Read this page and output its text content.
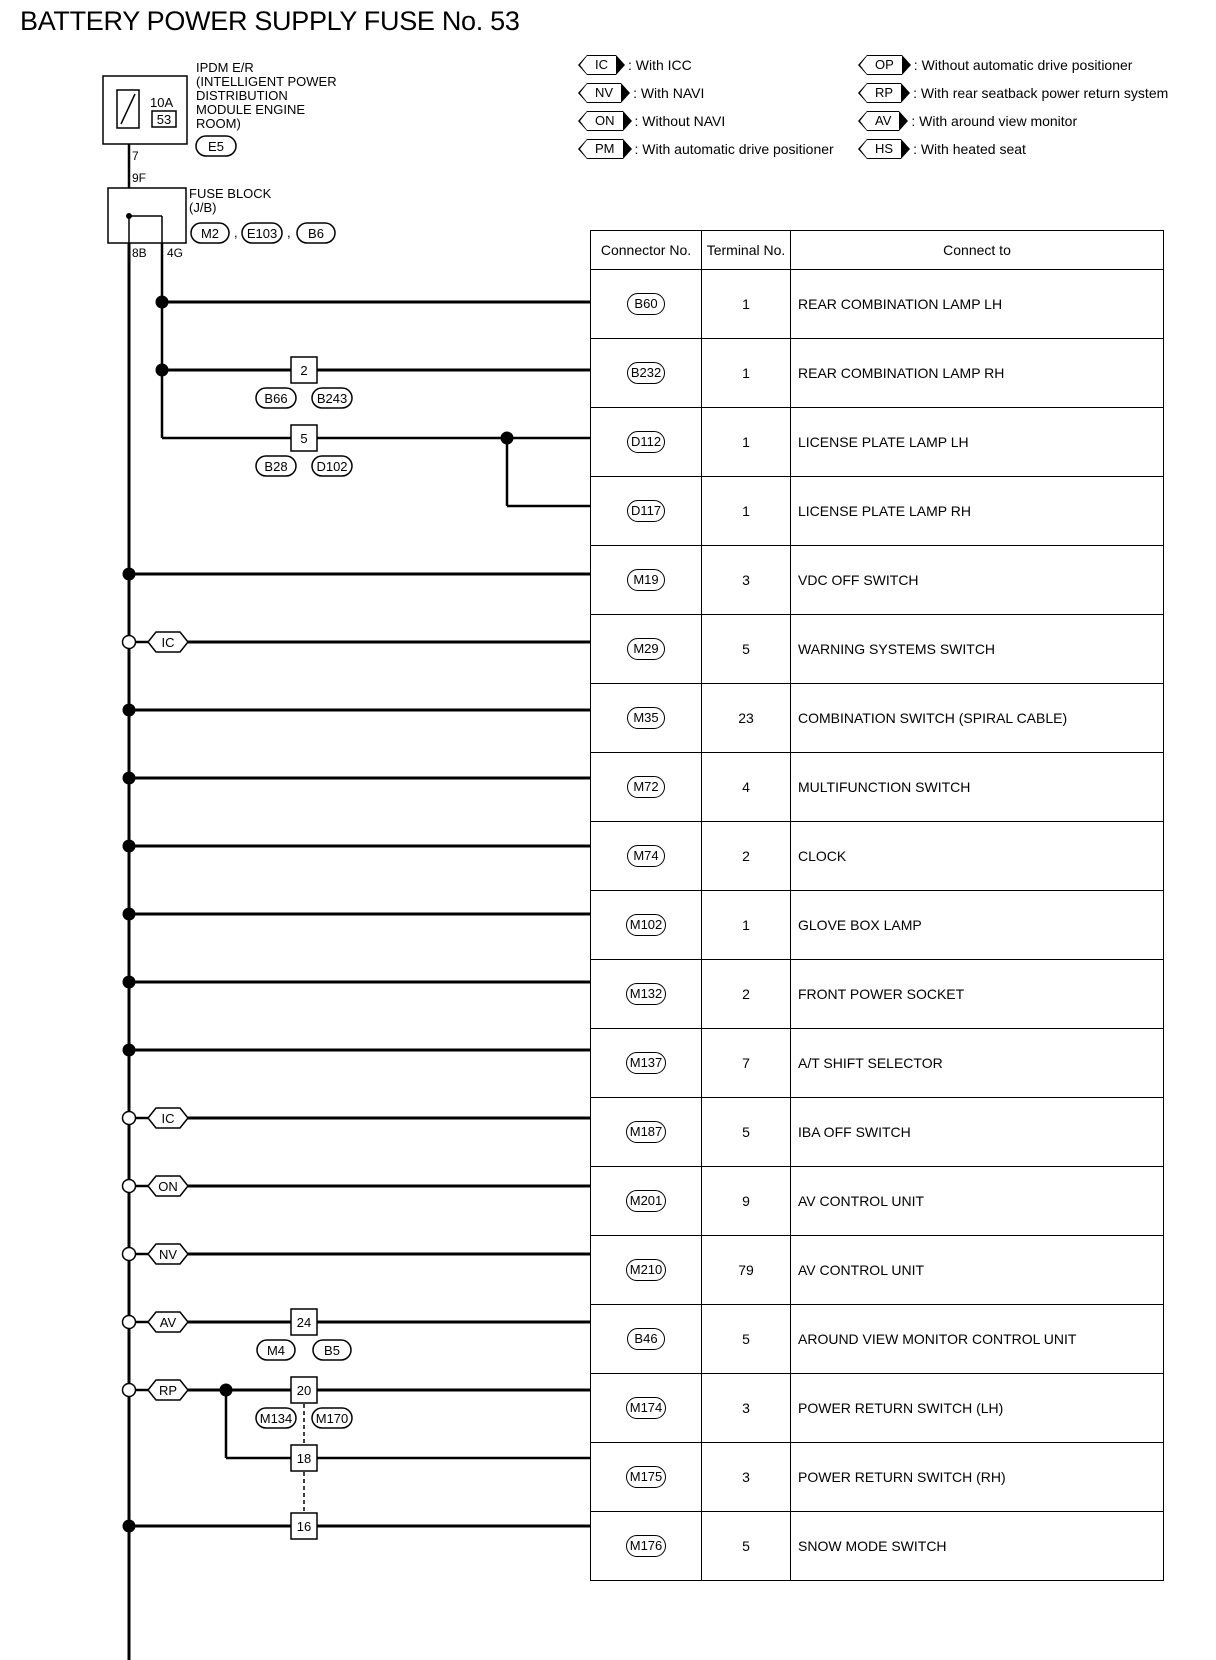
BATTERY POWER SUPPLY FUSE No. 53
10A
53
IPDM E/R
(INTELLIGENT POWER
DISTRIBUTION
MODULE ENGINE
ROOM)
E5
7
9F
FUSE BLOCK
(J/B)
M2 , E103 , B6
8B 4G
2
B66 B243
5
B28 D102
IC
IC
ON
NV
AV
RP
24
M4	B5
20
M134 M170
18
16
IC	: With ICC
NV	: With NAVI
ON	: Without NAVI
PM	: With automatic drive positioner
OP	: Without automatic drive positioner
RP	: With rear seatback power return system
AV	: With around view monitor
HS	: With heated seat
Connector No.	Terminal No.	Connect to
B60	1	REAR COMBINATION LAMP LH
B232	1	REAR COMBINATION LAMP RH
D112	1	LICENSE PLATE LAMP LH
D117	1	LICENSE PLATE LAMP RH
M19	3	VDC OFF SWITCH
M29	5	WARNING SYSTEMS SWITCH
M35	23	COMBINATION SWITCH (SPIRAL CABLE)
M72	4	MULTIFUNCTION SWITCH
M74	2	CLOCK
M102	1	GLOVE BOX LAMP
M132	2	FRONT POWER SOCKET
M137	7	A/T SHIFT SELECTOR
M187	5	IBA OFF SWITCH
M201	9	AV CONTROL UNIT
M210	79	AV CONTROL UNIT
B46	5	AROUND VIEW MONITOR CONTROL UNIT
M174	3	POWER RETURN SWITCH (LH)
M175	3	POWER RETURN SWITCH (RH)
M176	5	SNOW MODE SWITCH
